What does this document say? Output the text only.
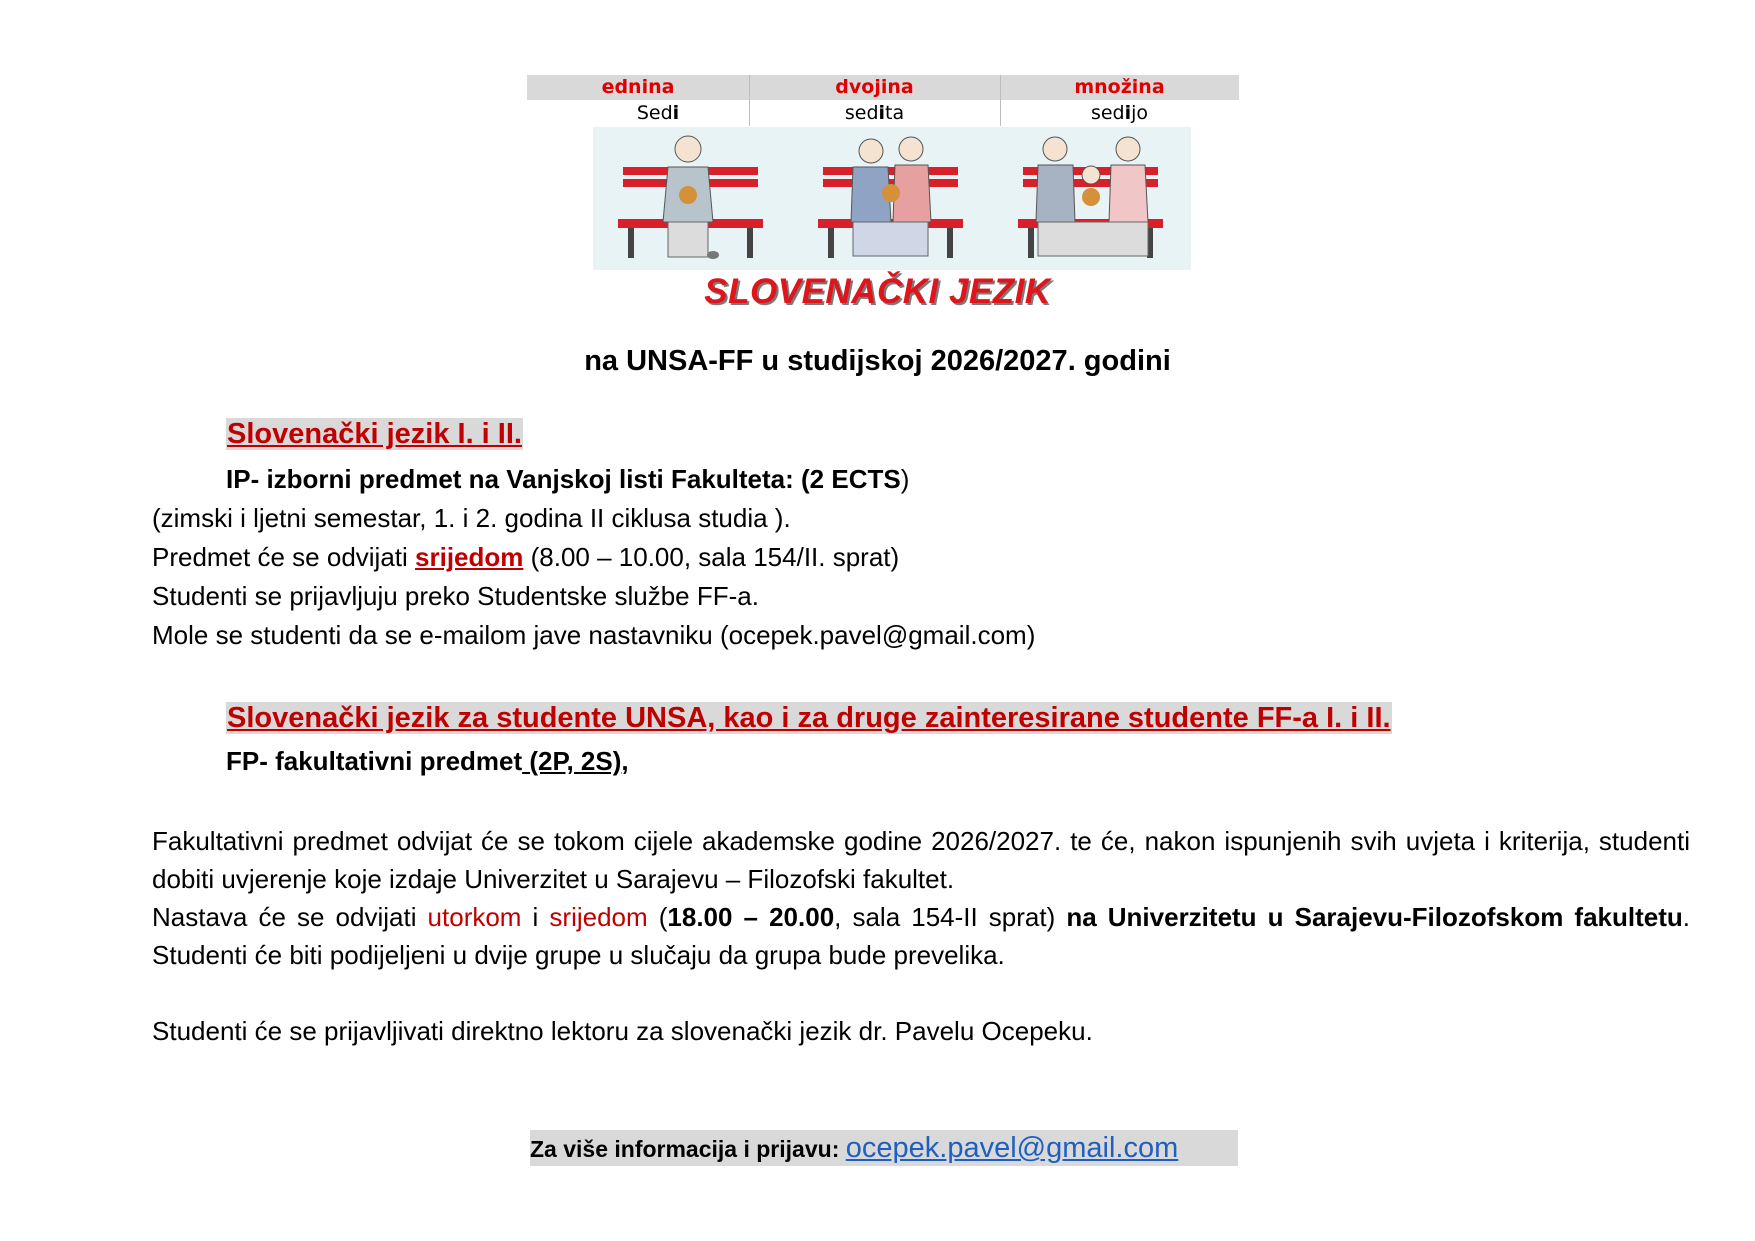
ednina	dvojina	množina
Sedi	sedita	sedijo
SLOVENAČKI JEZIK
na UNSA-FF u studijskoj 2026/2027. godini
Slovenački jezik I. i II.
IP- izborni predmet na Vanjskoj listi Fakulteta: (2 ECTS)
(zimski i ljetni semestar, 1. i 2. godina II ciklusa studia ).
Predmet će se odvijati srijedom (8.00 – 10.00, sala 154/II. sprat)
Studenti se prijavljuju preko Studentske službe FF-a.
Mole se studenti da se e-mailom jave nastavniku (ocepek.pavel@gmail.com)
Slovenački jezik za studente UNSA, kao i za druge zainteresirane studente FF-a I. i II.
FP- fakultativni predmet (2P, 2S),
Fakultativni predmet odvijat će se tokom cijele akademske godine 2026/2027. te će, nakon ispunjenih svih uvjeta i kriterija, studenti dobiti uvjerenje koje izdaje Univerzitet u Sarajevu – Filozofski fakultet.
Nastava će se odvijati utorkom i srijedom (18.00 – 20.00, sala 154-II sprat) na Univerzitetu u Sarajevu-Filozofskom fakultetu. Studenti će biti podijeljeni u dvije grupe u slučaju da grupa bude prevelika.
Studenti će se prijavljivati direktno lektoru za slovenački jezik dr. Pavelu Ocepeku.
Za više informacija i prijavu: ocepek.pavel@gmail.com
